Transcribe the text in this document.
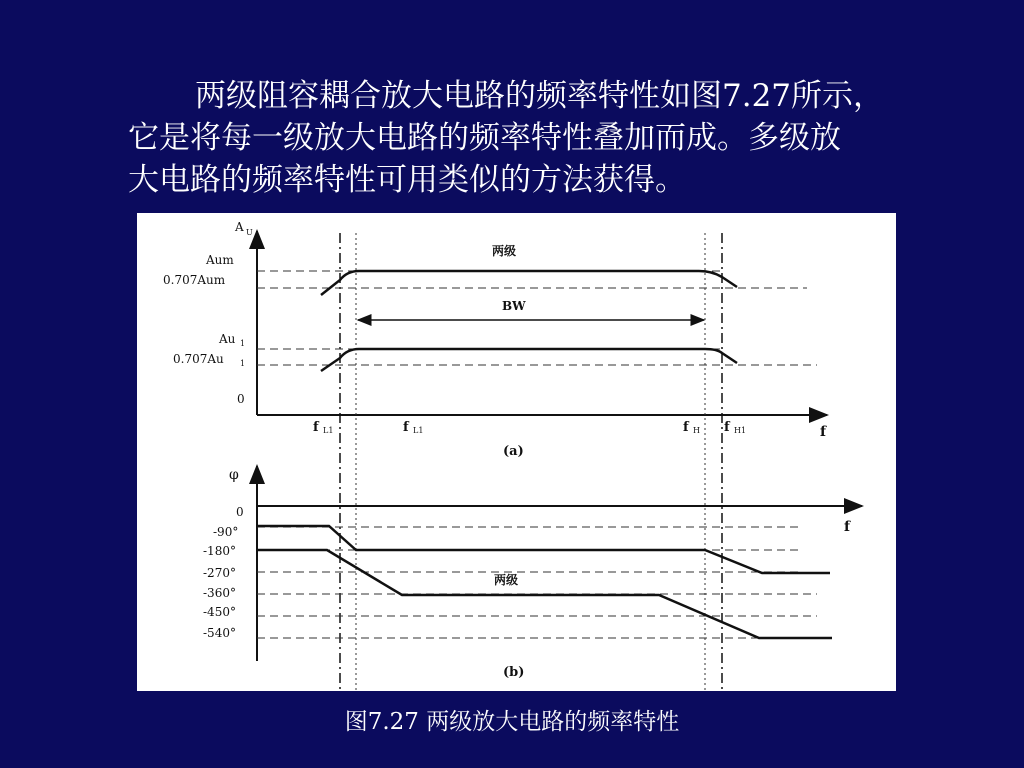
两级阻容耦合放大电路的频率特性如图7.27所示，
它是将每一级放大电路的频率特性叠加而成。多级放
大电路的频率特性可用类似的方法获得。
BW
两级
A U
Aum
0.707Aum
Au 1
0.707Au 1
0
f L1	f L1	f H f H1	f
(a)
两级
φ
f
0
-90°
-180°
-270°
-360°
-450°
-540°
(b)
图7.27 两级放大电路的频率特性
